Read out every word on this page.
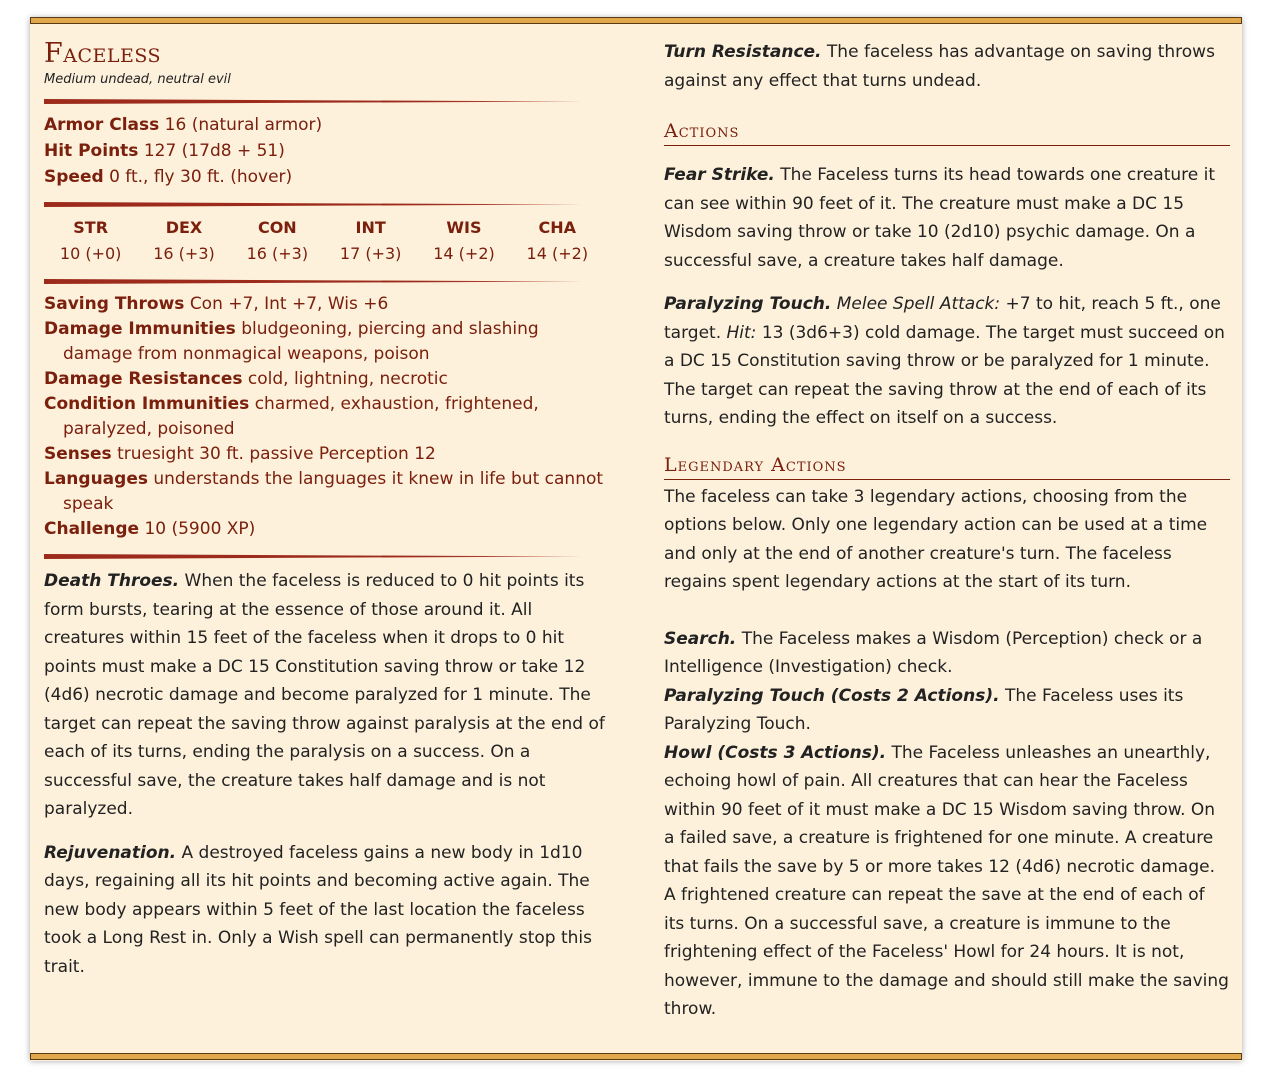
Faceless
Medium undead, neutral evil
Armor Class 16 (natural armor)
Hit Points 127 (17d8 + 51)
Speed 0 ft., fly 30 ft. (hover)
STR
10 (+0)
DEX
16 (+3)
CON
16 (+3)
INT
17 (+3)
WIS
14 (+2)
CHA
14 (+2)
Saving Throws Con +7, Int +7, Wis +6
Damage Immunities bludgeoning, piercing and slashing damage from nonmagical weapons, poison
Damage Resistances cold, lightning, necrotic
Condition Immunities charmed, exhaustion, frightened, paralyzed, poisoned
Senses truesight 30 ft. passive Perception 12
Languages understands the languages it knew in life but cannot speak
Challenge 10 (5900 XP)
Death Throes. When the faceless is reduced to 0 hit points its form bursts, tearing at the essence of those around it. All creatures within 15 feet of the faceless when it drops to 0 hit points must make a DC 15 Constitution saving throw or take 12 (4d6) necrotic damage and become paralyzed for 1 minute. The target can repeat the saving throw against paralysis at the end of each of its turns, ending the paralysis on a success. On a successful save, the creature takes half damage and is not paralyzed.
Rejuvenation. A destroyed faceless gains a new body in 1d10 days, regaining all its hit points and becoming active again. The new body appears within 5 feet of the last location the faceless took a Long Rest in. Only a Wish spell can permanently stop this trait.
Turn Resistance. The faceless has advantage on saving throws against any effect that turns undead.
Actions
Fear Strike. The Faceless turns its head towards one creature it can see within 90 feet of it. The creature must make a DC 15 Wisdom saving throw or take 10 (2d10) psychic damage. On a successful save, a creature takes half damage.
Paralyzing Touch. Melee Spell Attack: +7 to hit, reach 5 ft., one target. Hit: 13 (3d6+3) cold damage. The target must succeed on a DC 15 Constitution saving throw or be paralyzed for 1 minute. The target can repeat the saving throw at the end of each of its turns, ending the effect on itself on a success.
Legendary Actions
The faceless can take 3 legendary actions, choosing from the options below. Only one legendary action can be used at a time and only at the end of another creature's turn. The faceless regains spent legendary actions at the start of its turn.
Search. The Faceless makes a Wisdom (Perception) check or a Intelligence (Investigation) check.
Paralyzing Touch (Costs 2 Actions). The Faceless uses its Paralyzing Touch.
Howl (Costs 3 Actions). The Faceless unleashes an unearthly, echoing howl of pain. All creatures that can hear the Faceless within 90 feet of it must make a DC 15 Wisdom saving throw. On a failed save, a creature is frightened for one minute. A creature that fails the save by 5 or more takes 12 (4d6) necrotic damage. A frightened creature can repeat the save at the end of each of its turns. On a successful save, a creature is immune to the frightening effect of the Faceless' Howl for 24 hours. It is not, however, immune to the damage and should still make the saving throw.
